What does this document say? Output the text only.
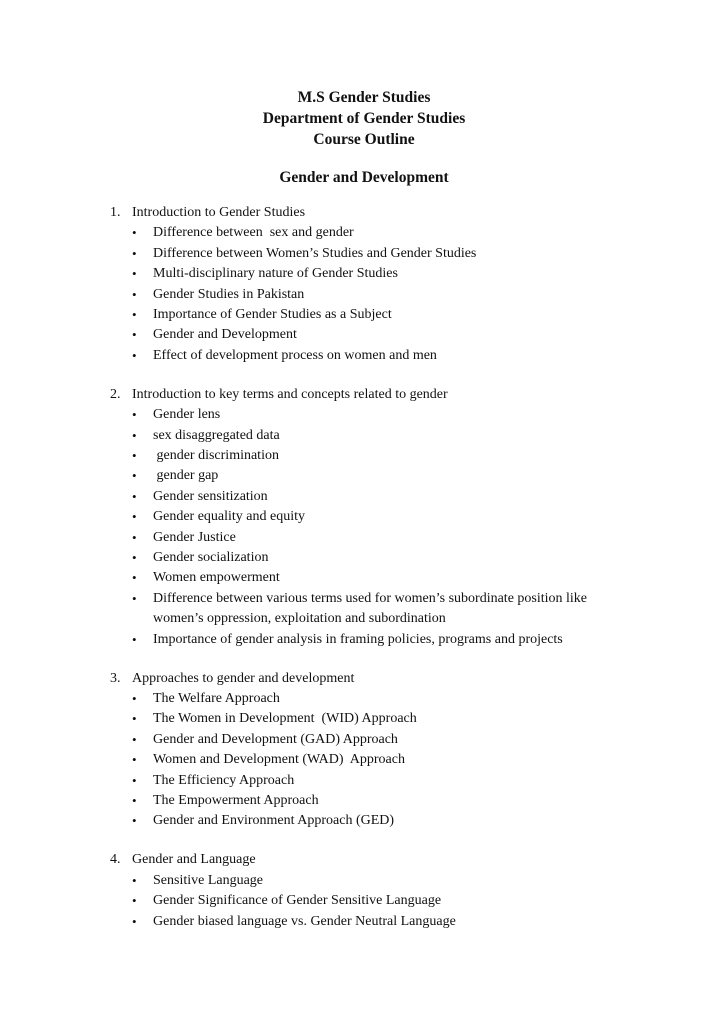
M.S Gender Studies
Department of Gender Studies
Course Outline
Gender and Development
1. Introduction to Gender Studies
•	Difference between  sex and gender
•	Difference between Women’s Studies and Gender Studies
•	Multi-disciplinary nature of Gender Studies
•	Gender Studies in Pakistan
•	Importance of Gender Studies as a Subject
•	Gender and Development
•	Effect of development process on women and men
2. Introduction to key terms and concepts related to gender
•	Gender lens
•	sex disaggregated data
•	gender discrimination
•	gender gap
•	Gender sensitization
•	Gender equality and equity
•	Gender Justice
•	Gender socialization
•	Women empowerment
•	Difference between various terms used for women’s subordinate position like women’s oppression, exploitation and subordination
•	Importance of gender analysis in framing policies, programs and projects
3. Approaches to gender and development
•	The Welfare Approach
•	The Women in Development  (WID) Approach
•	Gender and Development (GAD) Approach
•	Women and Development (WAD)  Approach
•	The Efficiency Approach
•	The Empowerment Approach
•	Gender and Environment Approach (GED)
4. Gender and Language
•	Sensitive Language
•	Gender Significance of Gender Sensitive Language
•	Gender biased language vs. Gender Neutral Language
